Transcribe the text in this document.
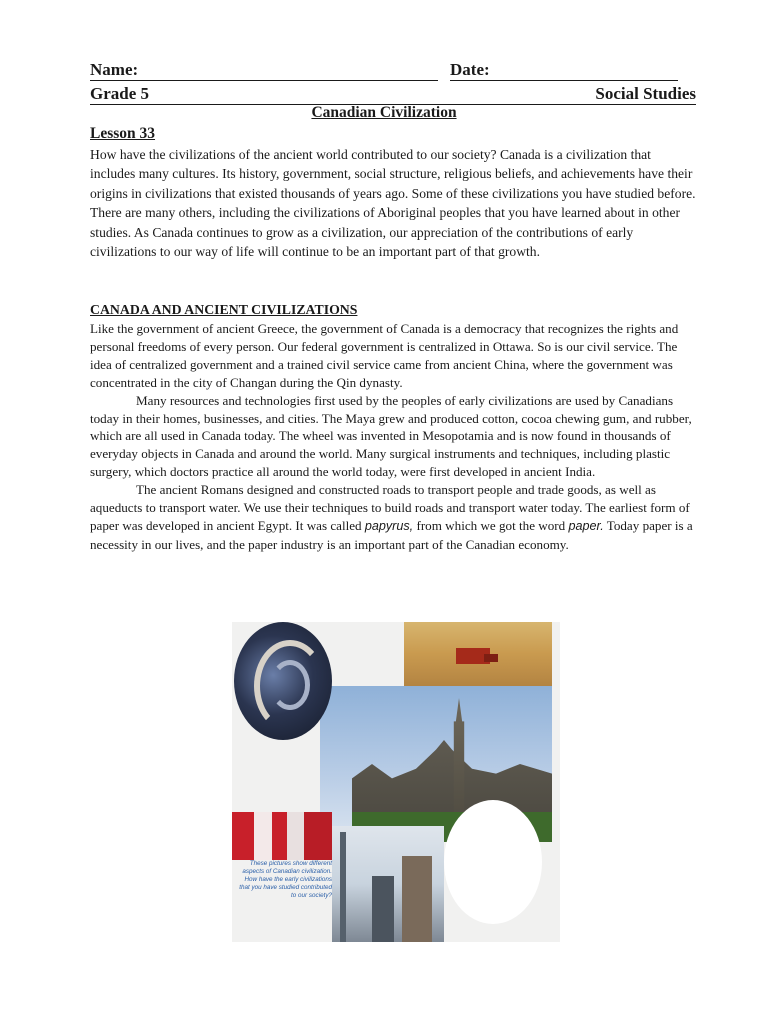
Name:	Date:
Grade 5	Social Studies
Canadian Civilization
Lesson 33
How have the civilizations of the ancient world contributed to our society? Canada is a civilization that includes many cultures. Its history, government, social structure, religious beliefs, and achievements have their origins in civilizations that existed thousands of years ago. Some of these civilizations you have studied before. There are many others, including the civilizations of Aboriginal peoples that you have learned about in other studies. As Canada continues to grow as a civilization, our appreciation of the contributions of early civilizations to our way of life will continue to be an important part of that growth.
CANADA AND ANCIENT CIVILIZATIONS
Like the government of ancient Greece, the government of Canada is a democracy that recognizes the rights and personal freedoms of every person. Our federal government is centralized in Ottawa. So is our civil service. The idea of centralized government and a trained civil service came from ancient China, where the government was concentrated in the city of Changan during the Qin dynasty.
Many resources and technologies first used by the peoples of early civilizations are used by Canadians today in their homes, businesses, and cities. The Maya grew and produced cotton, cocoa chewing gum, and rubber, which are all used in Canada today. The wheel was invented in Mesopotamia and is now found in thousands of everyday objects in Canada and around the world. Many surgical instruments and techniques, including plastic surgery, which doctors practice all around the world today, were first developed in ancient India.
The ancient Romans designed and constructed roads to transport people and trade goods, as well as aqueducts to transport water. We use their techniques to build roads and transport water today. The earliest form of paper was developed in ancient Egypt. It was called papyrus, from which we got the word paper. Today paper is a necessity in our lives, and the paper industry is an important part of the Canadian economy.
These pictures show different aspects of Canadian civilization. How have the early civilizations that you have studied contributed to our society?
